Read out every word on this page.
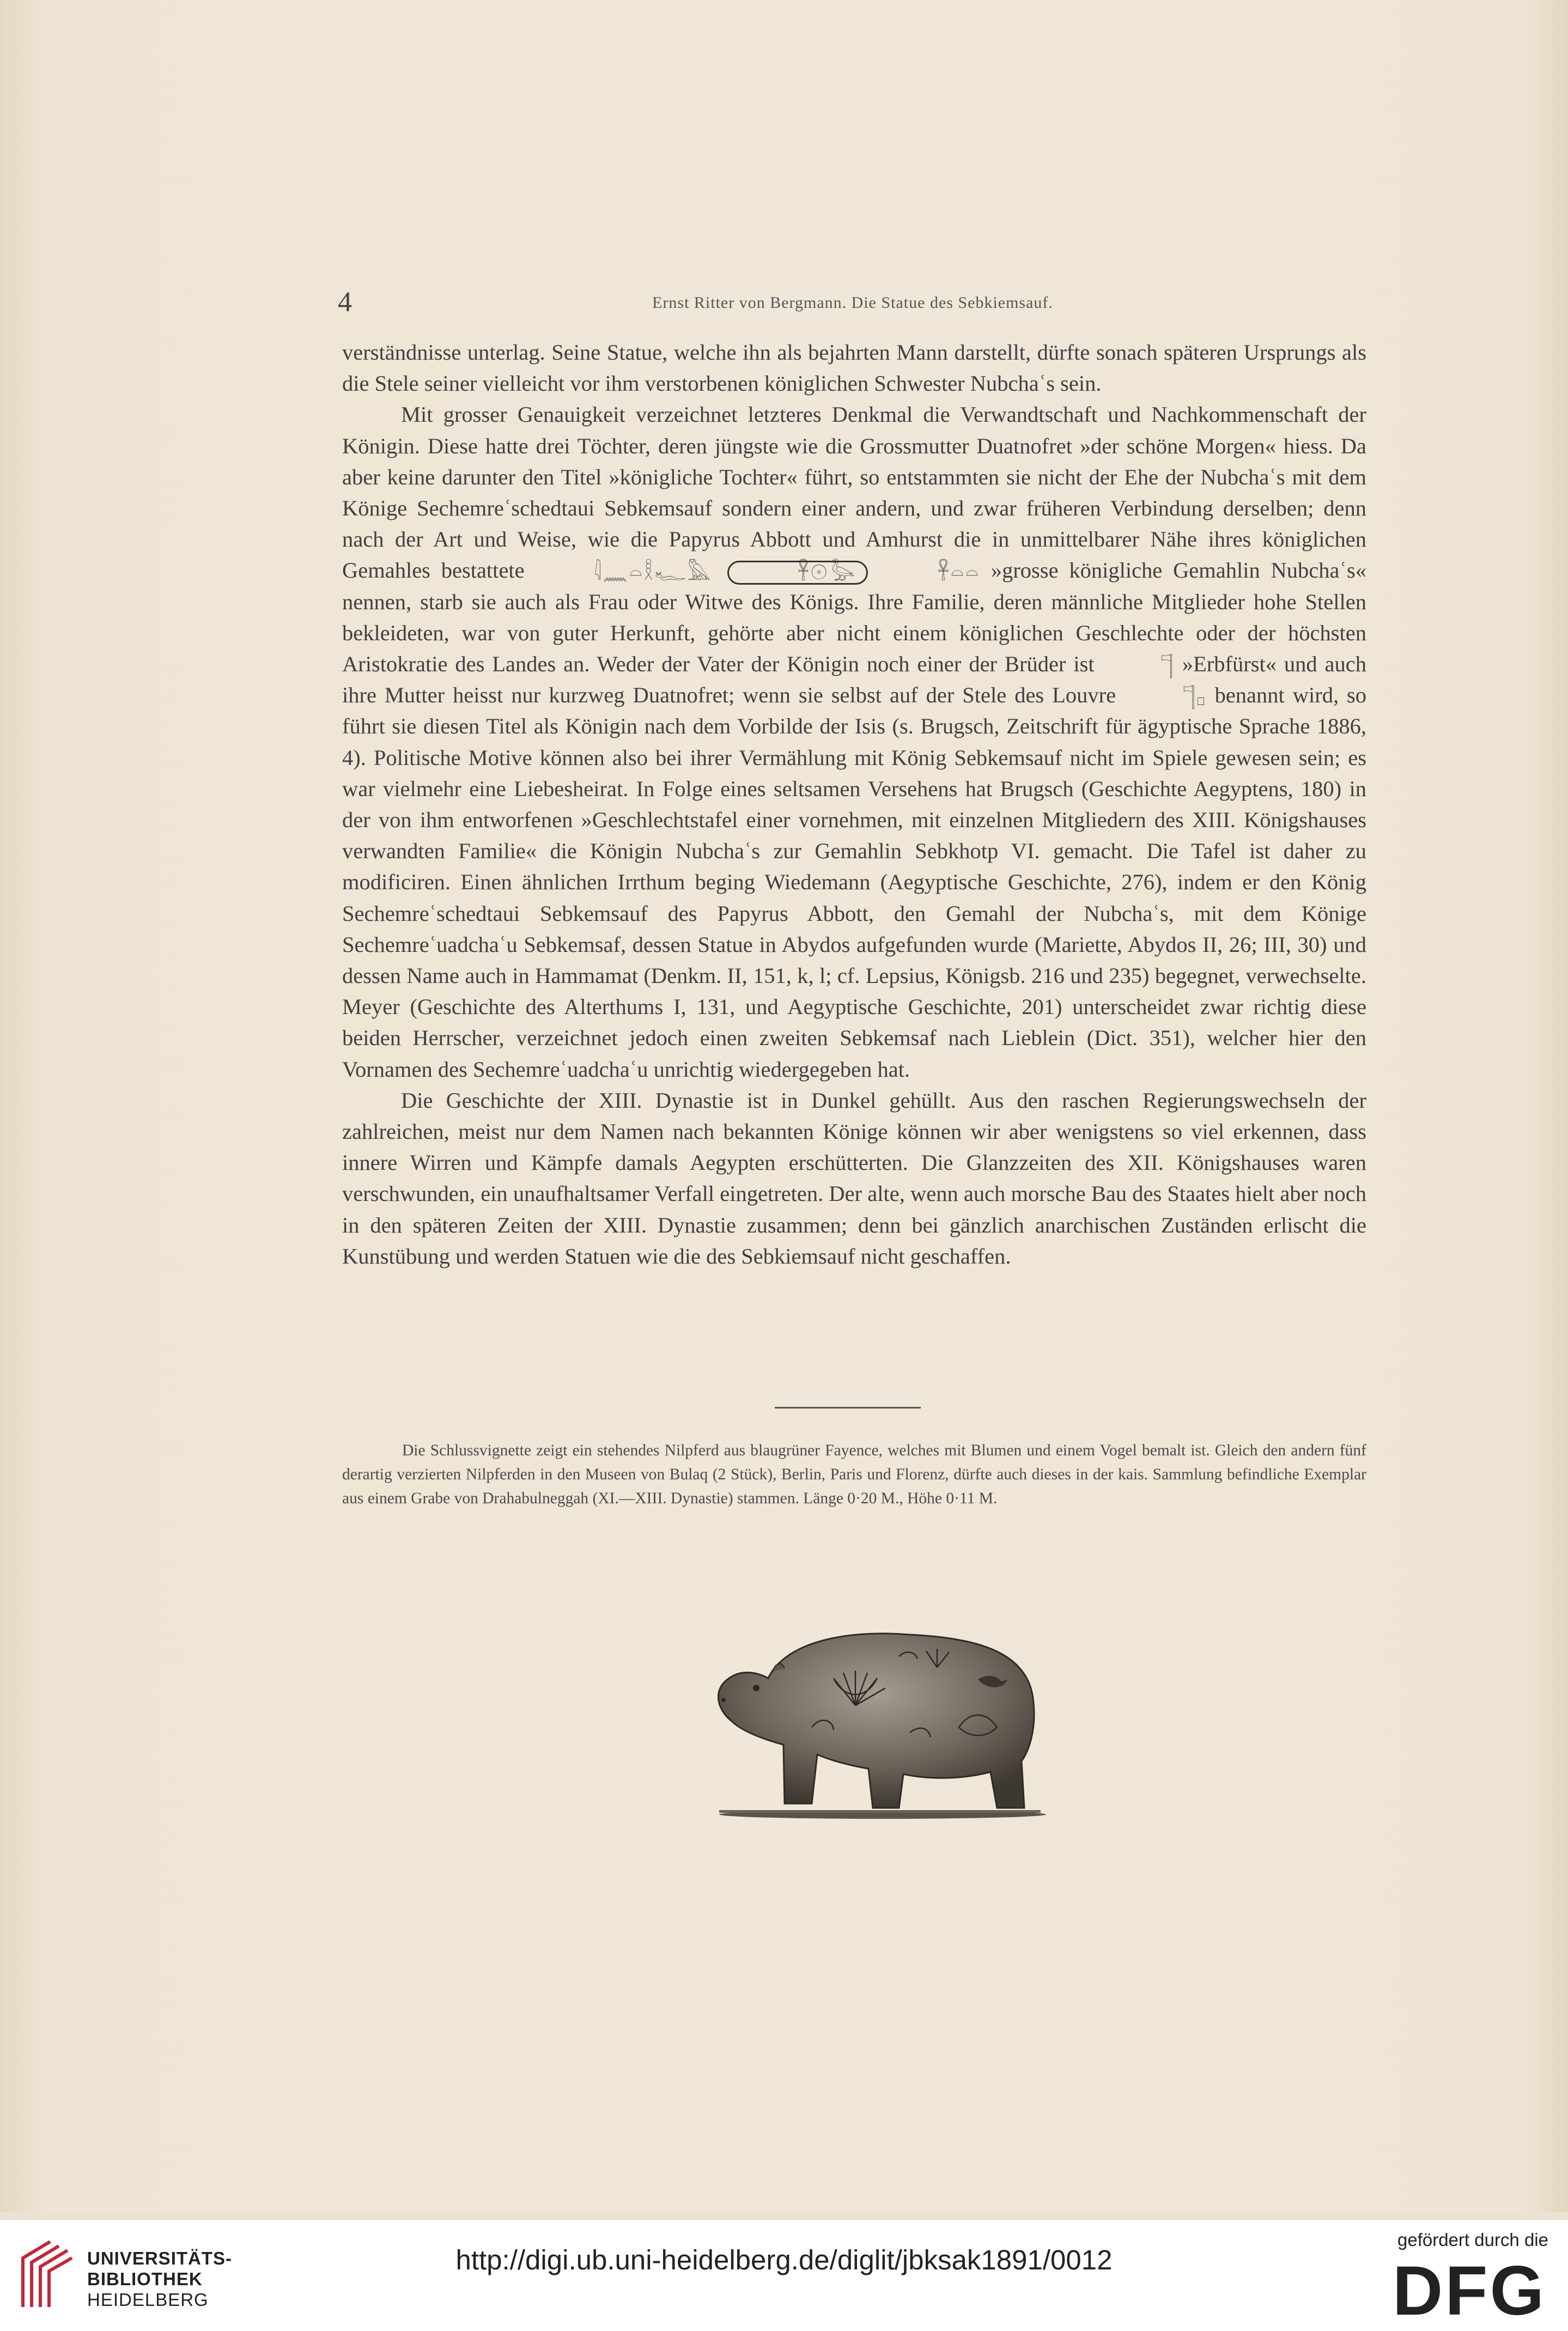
4	Ernst Ritter von Bergmann. Die Statue des Sebkiemsauf.

verständnisse unterlag. Seine Statue, welche ihn als bejahrten Mann darstellt, dürfte sonach späteren Ursprungs als die Stele seiner vielleicht vor ihm verstorbenen königlichen Schwester Nubchaʿs sein.

Mit grosser Genauigkeit verzeichnet letzteres Denkmal die Verwandtschaft und Nachkommenschaft der Königin. Diese hatte drei Töchter, deren jüngste wie die Grossmutter Duatnofret »der schöne Morgen« hiess. Da aber keine darunter den Titel »königliche Tochter« führt, so entstammten sie nicht der Ehe der Nubchaʿs mit dem Könige Sechemreʿschedtaui Sebkemsauf sondern einer andern, und zwar früheren Verbindung derselben; denn nach der Art und Weise, wie die Papyrus Abbott und Amhurst die in unmittelbarer Nähe ihres königlichen Gemahles bestattete	𓇋𓈖𓏏𓎛𓆑𓅓	𓋹𓇳𓅭	𓋹𓏏𓏏 »grosse königliche Gemahlin Nubchaʿs« nennen, starb sie auch als Frau oder Witwe des Königs. Ihre Familie, deren männliche Mitglieder hohe Stellen bekleideten, war von guter Herkunft, gehörte aber nicht einem königlichen Geschlechte oder der höchsten Aristokratie des Landes an. Weder der Vater der Königin noch einer der Brüder ist	𓊹 »Erbfürst« und auch ihre Mutter heisst nur kurzweg Duatnofret; wenn sie selbst auf der Stele des Louvre	𓊹𓊪 benannt wird, so führt sie diesen Titel als Königin nach dem Vorbilde der Isis (s. Brugsch, Zeitschrift für ägyptische Sprache 1886, 4). Politische Motive können also bei ihrer Vermählung mit König Sebkemsauf nicht im Spiele gewesen sein; es war vielmehr eine Liebesheirat. In Folge eines seltsamen Versehens hat Brugsch (Geschichte Aegyptens, 180) in der von ihm entworfenen »Geschlechtstafel einer vornehmen, mit einzelnen Mitgliedern des XIII. Königshauses verwandten Familie« die Königin Nubchaʿs zur Gemahlin Sebkhotp VI. gemacht. Die Tafel ist daher zu modificiren. Einen ähnlichen Irrthum beging Wiedemann (Aegyptische Geschichte, 276), indem er den König Sechemreʿschedtaui Sebkemsauf des Papyrus Abbott, den Gemahl der Nubchaʿs, mit dem Könige Sechemreʿuadchaʿu Sebkemsaf, dessen Statue in Abydos aufgefunden wurde (Mariette, Abydos II, 26; III, 30) und dessen Name auch in Hammamat (Denkm. II, 151, k, l; cf. Lepsius, Königsb. 216 und 235) begegnet, verwechselte. Meyer (Geschichte des Alterthums I, 131, und Aegyptische Geschichte, 201) unterscheidet zwar richtig diese beiden Herrscher, verzeichnet jedoch einen zweiten Sebkemsaf nach Lieblein (Dict. 351), welcher hier den Vornamen des Sechemreʿuadchaʿu unrichtig wiedergegeben hat.

Die Geschichte der XIII. Dynastie ist in Dunkel gehüllt. Aus den raschen Regierungswechseln der zahlreichen, meist nur dem Namen nach bekannten Könige können wir aber wenigstens so viel erkennen, dass innere Wirren und Kämpfe damals Aegypten erschütterten. Die Glanzzeiten des XII. Königshauses waren verschwunden, ein unaufhaltsamer Verfall eingetreten. Der alte, wenn auch morsche Bau des Staates hielt aber noch in den späteren Zeiten der XIII. Dynastie zusammen; denn bei gänzlich anarchischen Zuständen erlischt die Kunstübung und werden Statuen wie die des Sebkiemsauf nicht geschaffen.

Die Schlussvignette zeigt ein stehendes Nilpferd aus blaugrüner Fayence, welches mit Blumen und einem Vogel bemalt ist. Gleich den andern fünf derartig verzierten Nilpferden in den Museen von Bulaq (2 Stück), Berlin, Paris und Florenz, dürfte auch dieses in der kais. Sammlung befindliche Exemplar aus einem Grabe von Drahabulneggah (XI.—XIII. Dynastie) stammen. Länge 0·20 M., Höhe 0·11 M.
UNIVERSITÄTS-
BIBLIOTHEK
HEIDELBERG
http://digi.ub.uni-heidelberg.de/diglit/jbksak1891/0012
gefördert durch die
DFG
